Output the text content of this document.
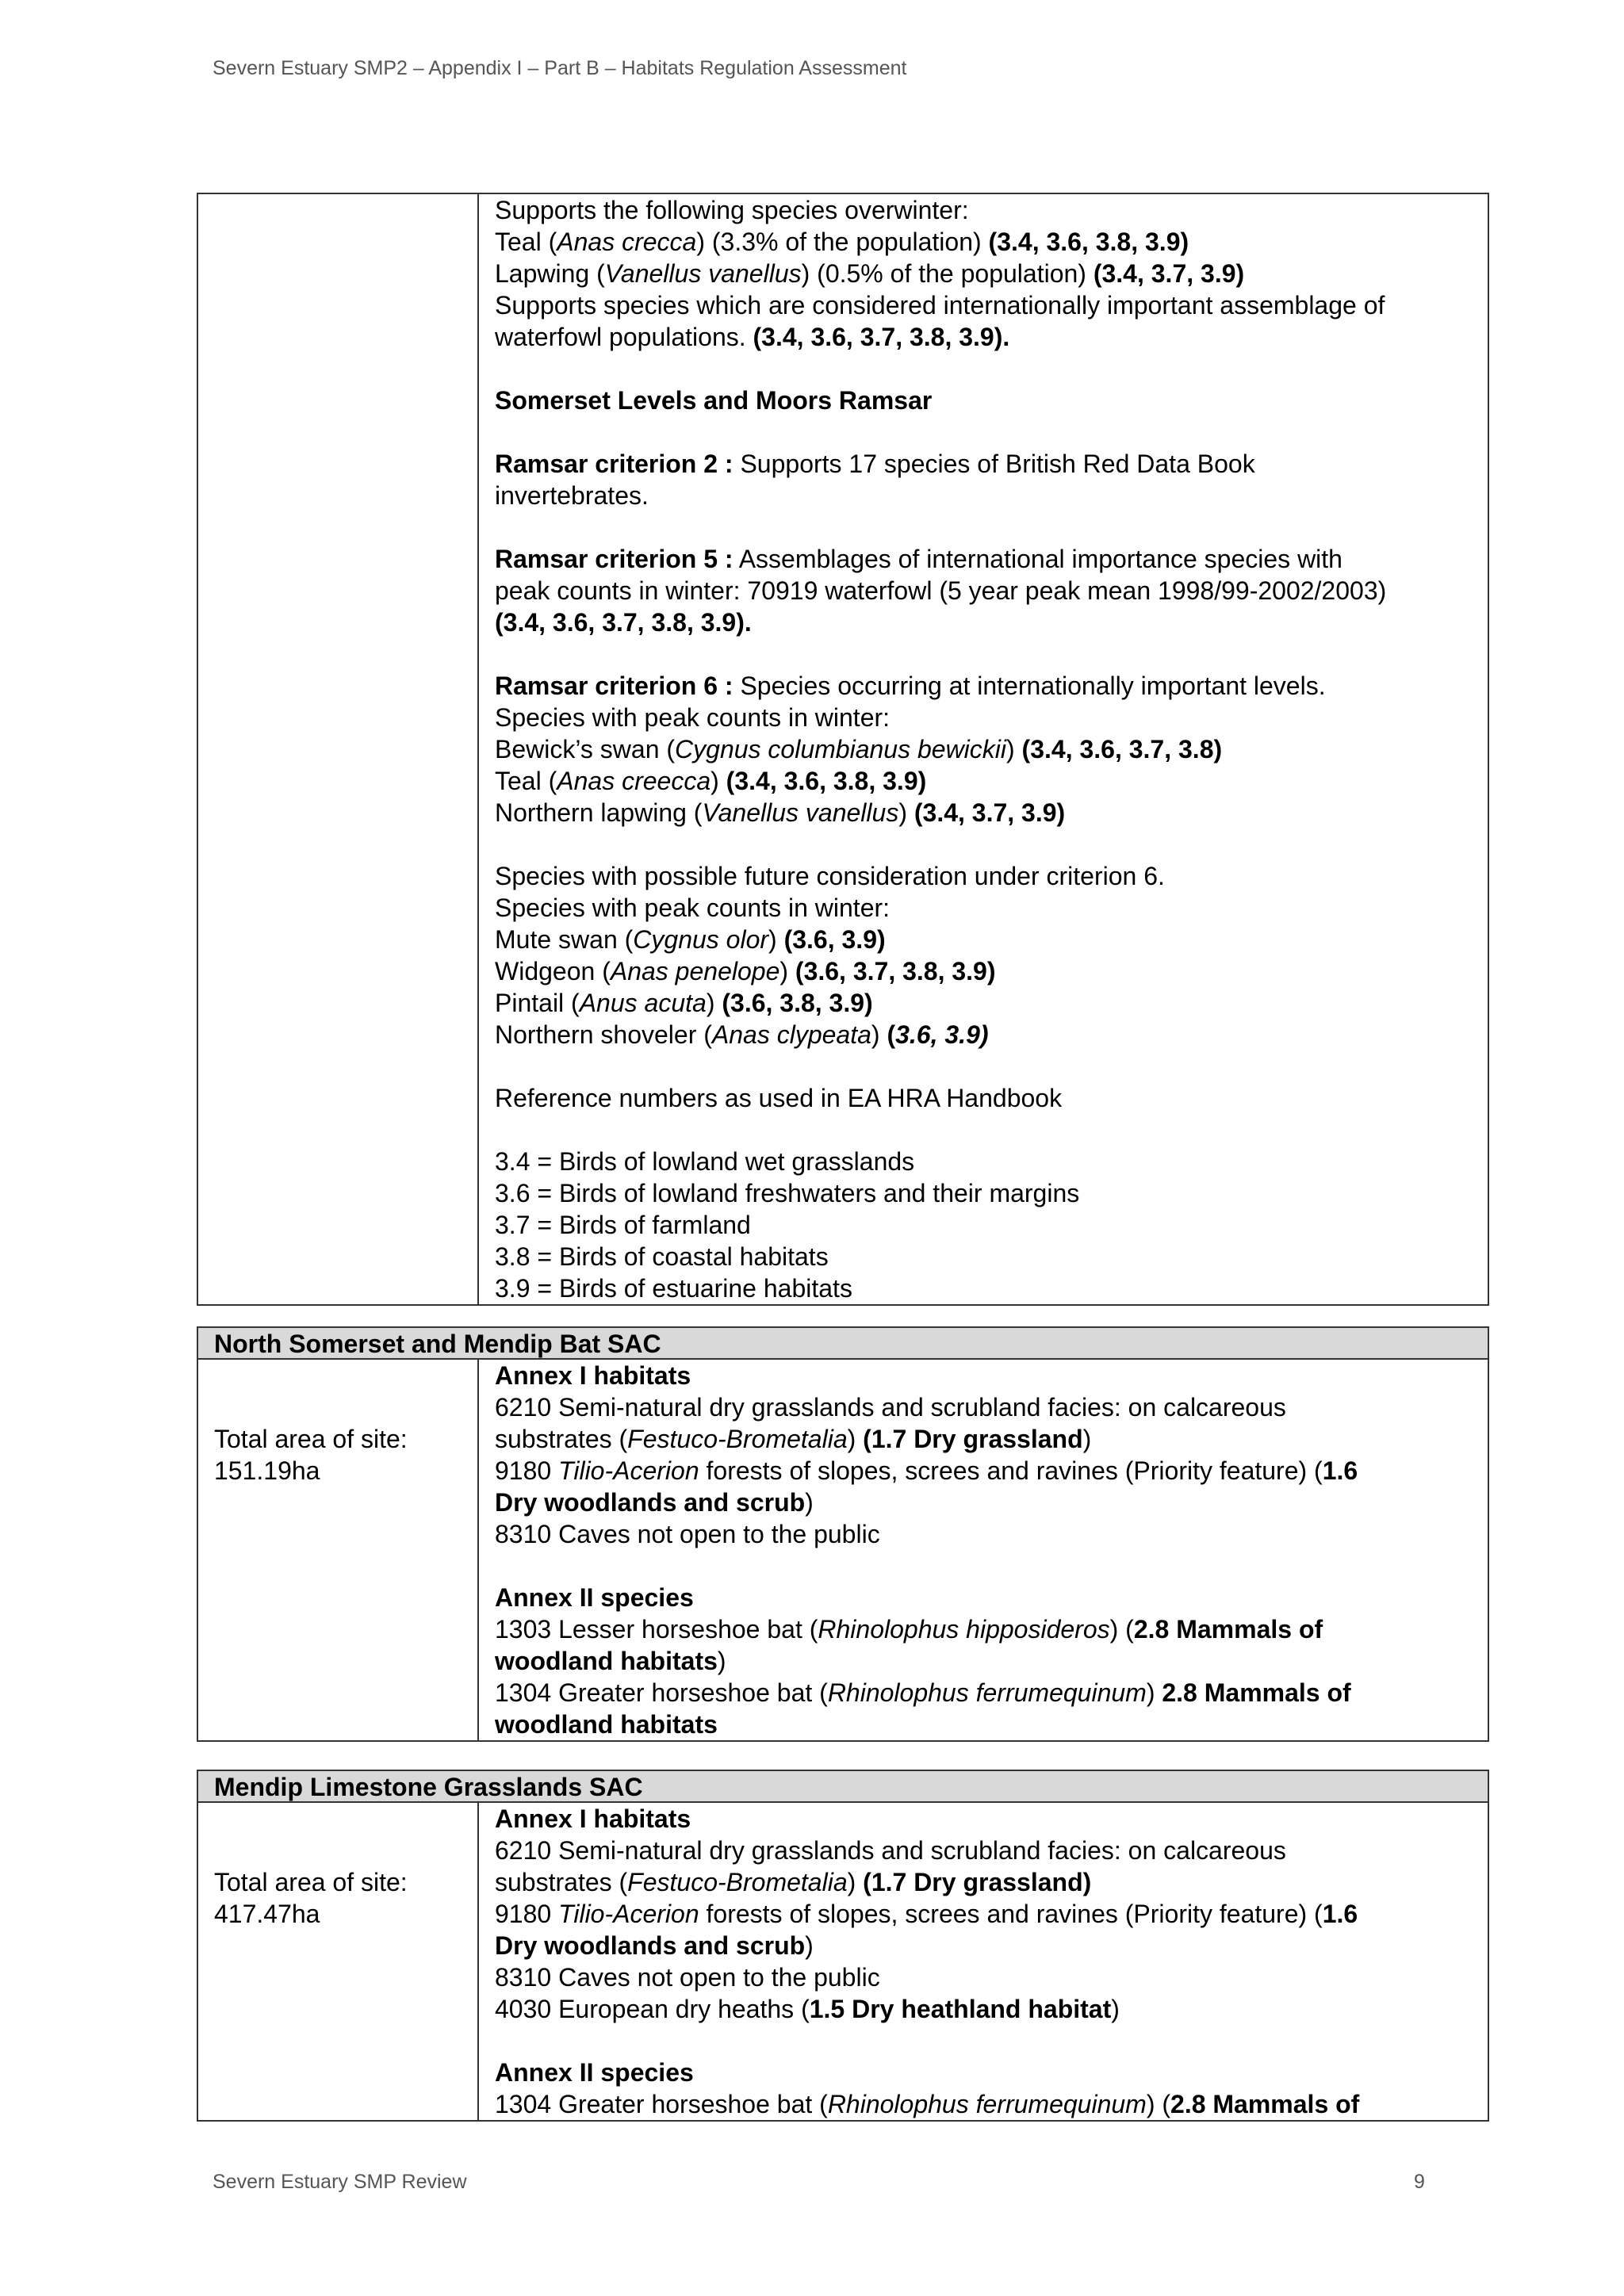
Severn Estuary SMP2 – Appendix I – Part B – Habitats Regulation Assessment
Supports the following species overwinter:
Teal (Anas crecca) (3.3% of the population) (3.4, 3.6, 3.8, 3.9)
Lapwing (Vanellus vanellus) (0.5% of the population) (3.4, 3.7, 3.9)
Supports species which are considered internationally important assemblage of
waterfowl populations. (3.4, 3.6, 3.7, 3.8, 3.9).
Somerset Levels and Moors Ramsar
Ramsar criterion 2 : Supports 17 species of British Red Data Book
invertebrates.
Ramsar criterion 5 : Assemblages of international importance species with
peak counts in winter: 70919 waterfowl (5 year peak mean 1998/99-2002/2003)
(3.4, 3.6, 3.7, 3.8, 3.9).
Ramsar criterion 6 : Species occurring at internationally important levels.
Species with peak counts in winter:
Bewick’s swan (Cygnus columbianus bewickii) (3.4, 3.6, 3.7, 3.8)
Teal (Anas creecca) (3.4, 3.6, 3.8, 3.9)
Northern lapwing (Vanellus vanellus) (3.4, 3.7, 3.9)
Species with possible future consideration under criterion 6.
Species with peak counts in winter:
Mute swan (Cygnus olor) (3.6, 3.9)
Widgeon (Anas penelope) (3.6, 3.7, 3.8, 3.9)
Pintail (Anus acuta) (3.6, 3.8, 3.9)
Northern shoveler (Anas clypeata) (3.6, 3.9)
Reference numbers as used in EA HRA Handbook
3.4 = Birds of lowland wet grasslands
3.6 = Birds of lowland freshwaters and their margins
3.7 = Birds of farmland
3.8 = Birds of coastal habitats
3.9 = Birds of estuarine habitats
North Somerset and Mendip Bat SAC
Total area of site:
151.19ha
Annex I habitats
6210 Semi-natural dry grasslands and scrubland facies: on calcareous
substrates (Festuco-Brometalia) (1.7 Dry grassland)
9180 Tilio-Acerion forests of slopes, screes and ravines (Priority feature) (1.6
Dry woodlands and scrub)
8310 Caves not open to the public
Annex II species
1303 Lesser horseshoe bat (Rhinolophus hipposideros) (2.8 Mammals of
woodland habitats)
1304 Greater horseshoe bat (Rhinolophus ferrumequinum) 2.8 Mammals of
woodland habitats
Mendip Limestone Grasslands SAC
Total area of site:
417.47ha
Annex I habitats
6210 Semi-natural dry grasslands and scrubland facies: on calcareous
substrates (Festuco-Brometalia) (1.7 Dry grassland)
9180 Tilio-Acerion forests of slopes, screes and ravines (Priority feature) (1.6
Dry woodlands and scrub)
8310 Caves not open to the public
4030 European dry heaths (1.5 Dry heathland habitat)
Annex II species
1304 Greater horseshoe bat (Rhinolophus ferrumequinum) (2.8 Mammals of
Severn Estuary SMP Review	9
